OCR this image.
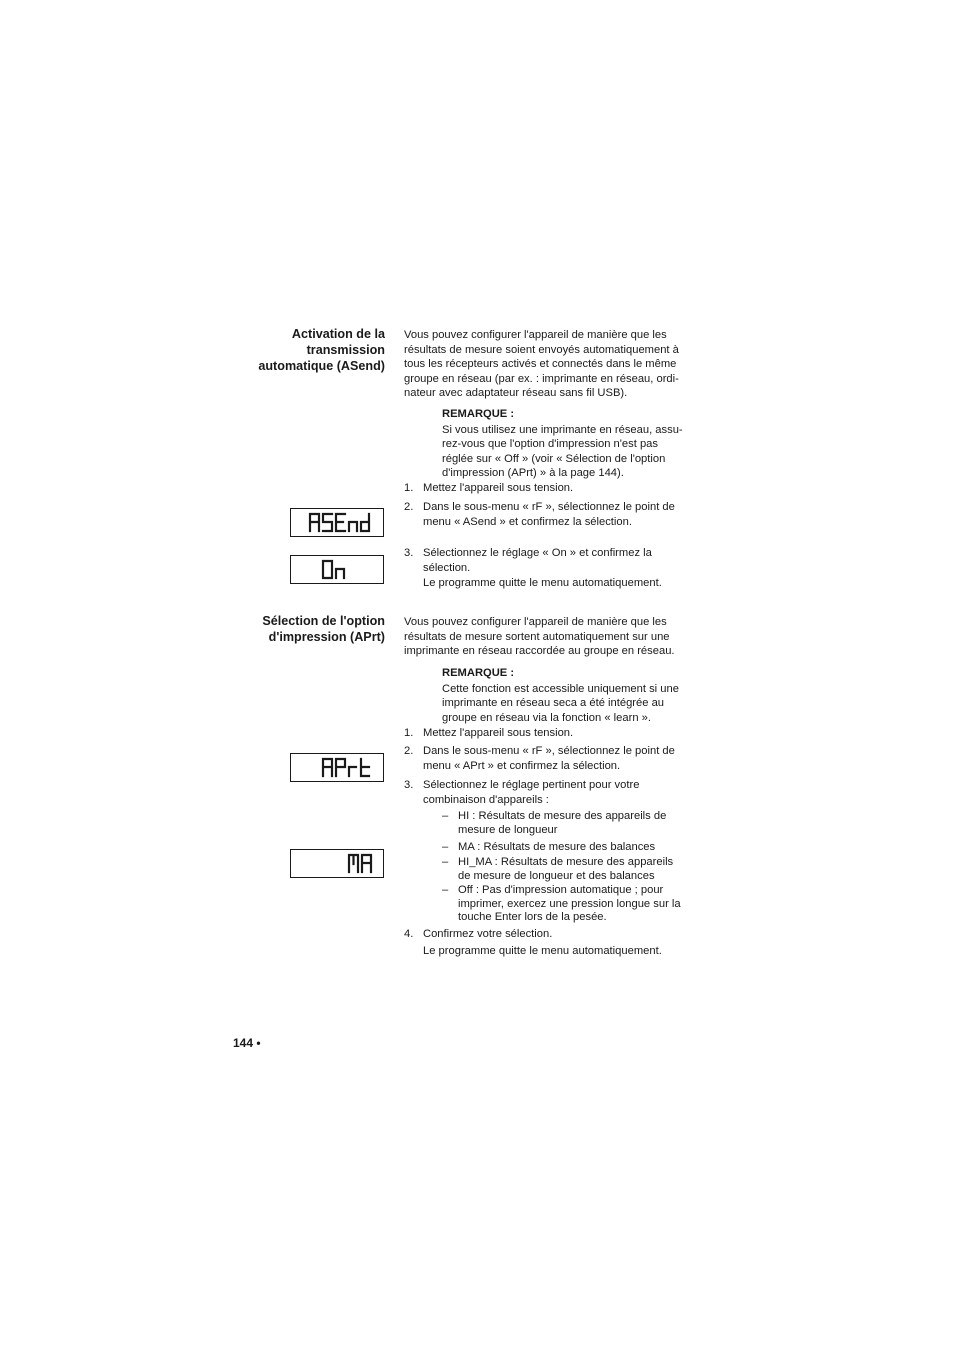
Activation de la
transmission
automatique (ASend)
Vous pouvez configurer l'appareil de manière que les
résultats de mesure soient envoyés automatiquement à
tous les récepteurs activés et connectés dans le même
groupe en réseau (par ex. : imprimante en réseau, ordi-
nateur avec adaptateur réseau sans fil USB).
REMARQUE :
Si vous utilisez une imprimante en réseau, assu-
rez-vous que l'option d'impression n'est pas
réglée sur « Off » (voir « Sélection de l'option
d'impression (APrt) » à la page 144).
1. Mettez l'appareil sous tension.
2. Dans le sous-menu « rF », sélectionnez le point de
menu « ASend » et confirmez la sélection.
3. Sélectionnez le réglage « On » et confirmez la
sélection.
Le programme quitte le menu automatiquement.
Sélection de l'option
d'impression (APrt)
Vous pouvez configurer l'appareil de manière que les
résultats de mesure sortent automatiquement sur une
imprimante en réseau raccordée au groupe en réseau.
REMARQUE :
Cette fonction est accessible uniquement si une
imprimante en réseau seca a été intégrée au
groupe en réseau via la fonction « learn ».
1. Mettez l'appareil sous tension.
2. Dans le sous-menu « rF », sélectionnez le point de
menu « APrt » et confirmez la sélection.
3. Sélectionnez le réglage pertinent pour votre
combinaison d'appareils :
– HI : Résultats de mesure des appareils de
mesure de longueur
– MA : Résultats de mesure des balances
– HI_MA : Résultats de mesure des appareils
de mesure de longueur et des balances
– Off : Pas d'impression automatique ; pour
imprimer, exercez une pression longue sur la
touche Enter lors de la pesée.
4. Confirmez votre sélection.
Le programme quitte le menu automatiquement.
144 •
